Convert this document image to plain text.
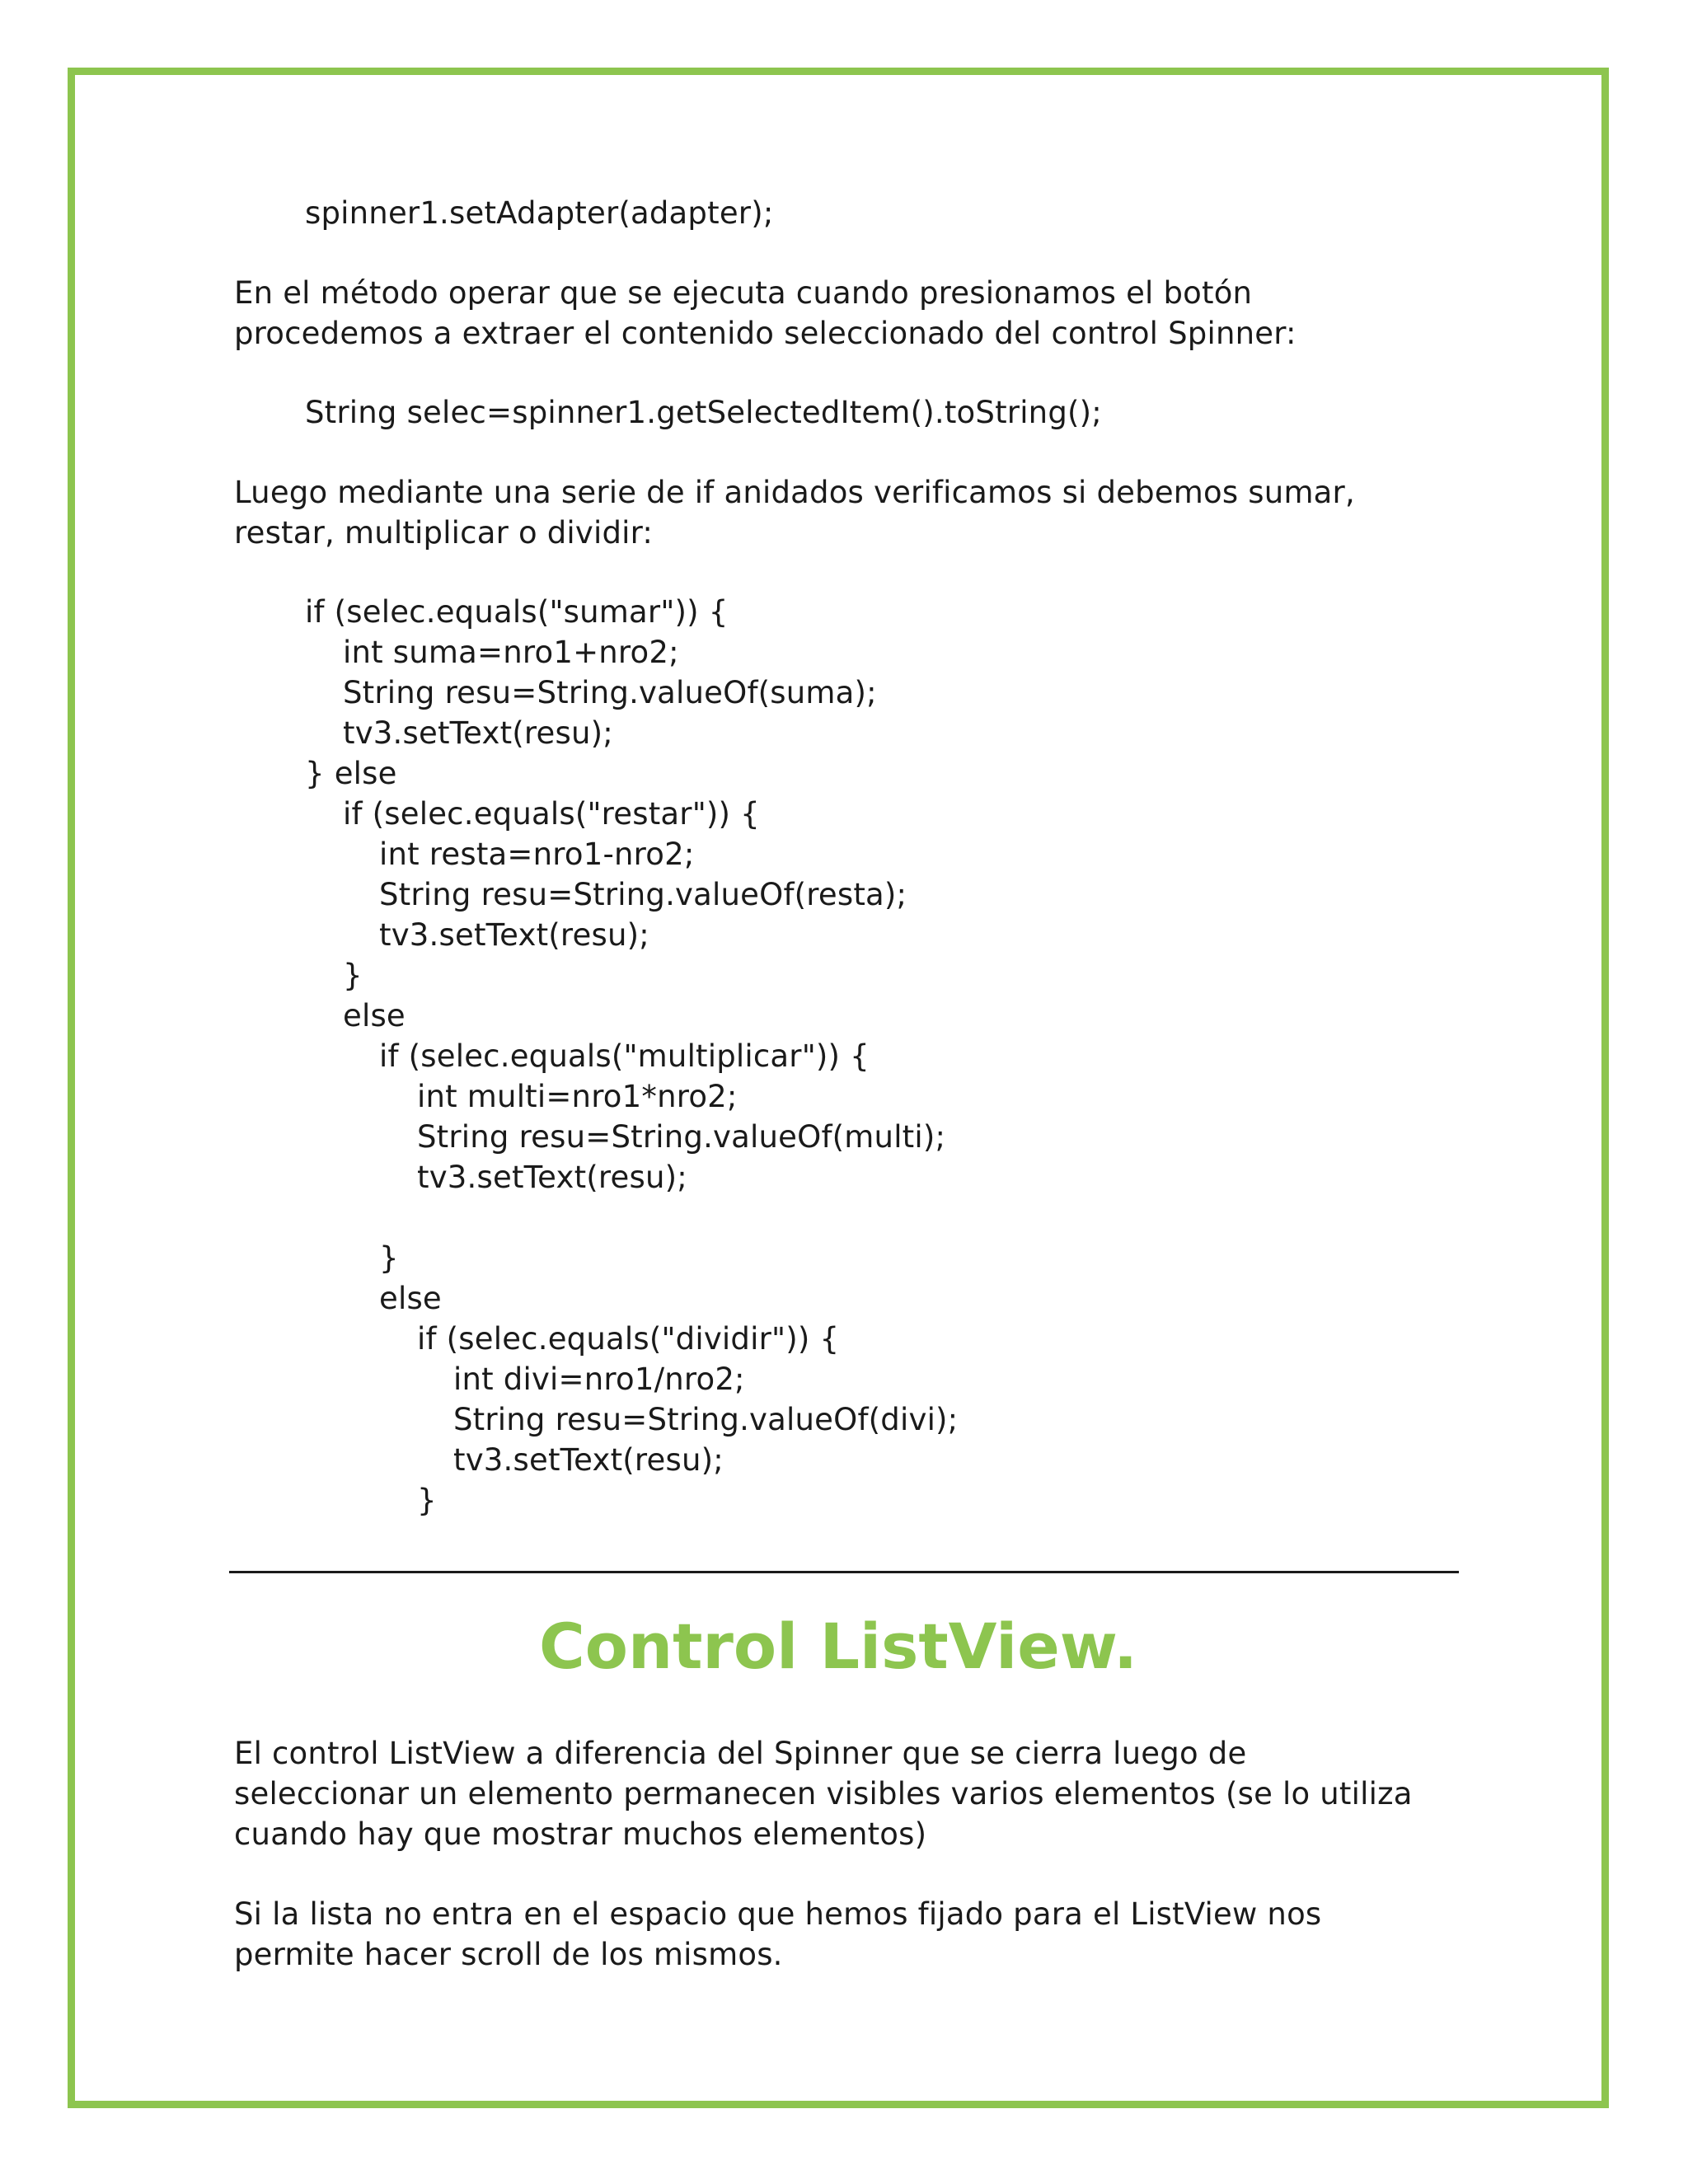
spinner1.setAdapter(adapter);
En el método operar que se ejecuta cuando presionamos el botón
procedemos a extraer el contenido seleccionado del control Spinner:
String selec=spinner1.getSelectedItem().toString();
Luego mediante una serie de if anidados verificamos si debemos sumar,
restar, multiplicar o dividir:
if (selec.equals("sumar")) {
int suma=nro1+nro2;
String resu=String.valueOf(suma);
tv3.setText(resu);
} else
if (selec.equals("restar")) {
int resta=nro1-nro2;
String resu=String.valueOf(resta);
tv3.setText(resu);
}
else
if (selec.equals("multiplicar")) {
int multi=nro1*nro2;
String resu=String.valueOf(multi);
tv3.setText(resu);
}
else
if (selec.equals("dividir")) {
int divi=nro1/nro2;
String resu=String.valueOf(divi);
tv3.setText(resu);
}
Control ListView.
El control ListView a diferencia del Spinner que se cierra luego de
seleccionar un elemento permanecen visibles varios elementos (se lo utiliza
cuando hay que mostrar muchos elementos)
Si la lista no entra en el espacio que hemos fijado para el ListView nos
permite hacer scroll de los mismos.
